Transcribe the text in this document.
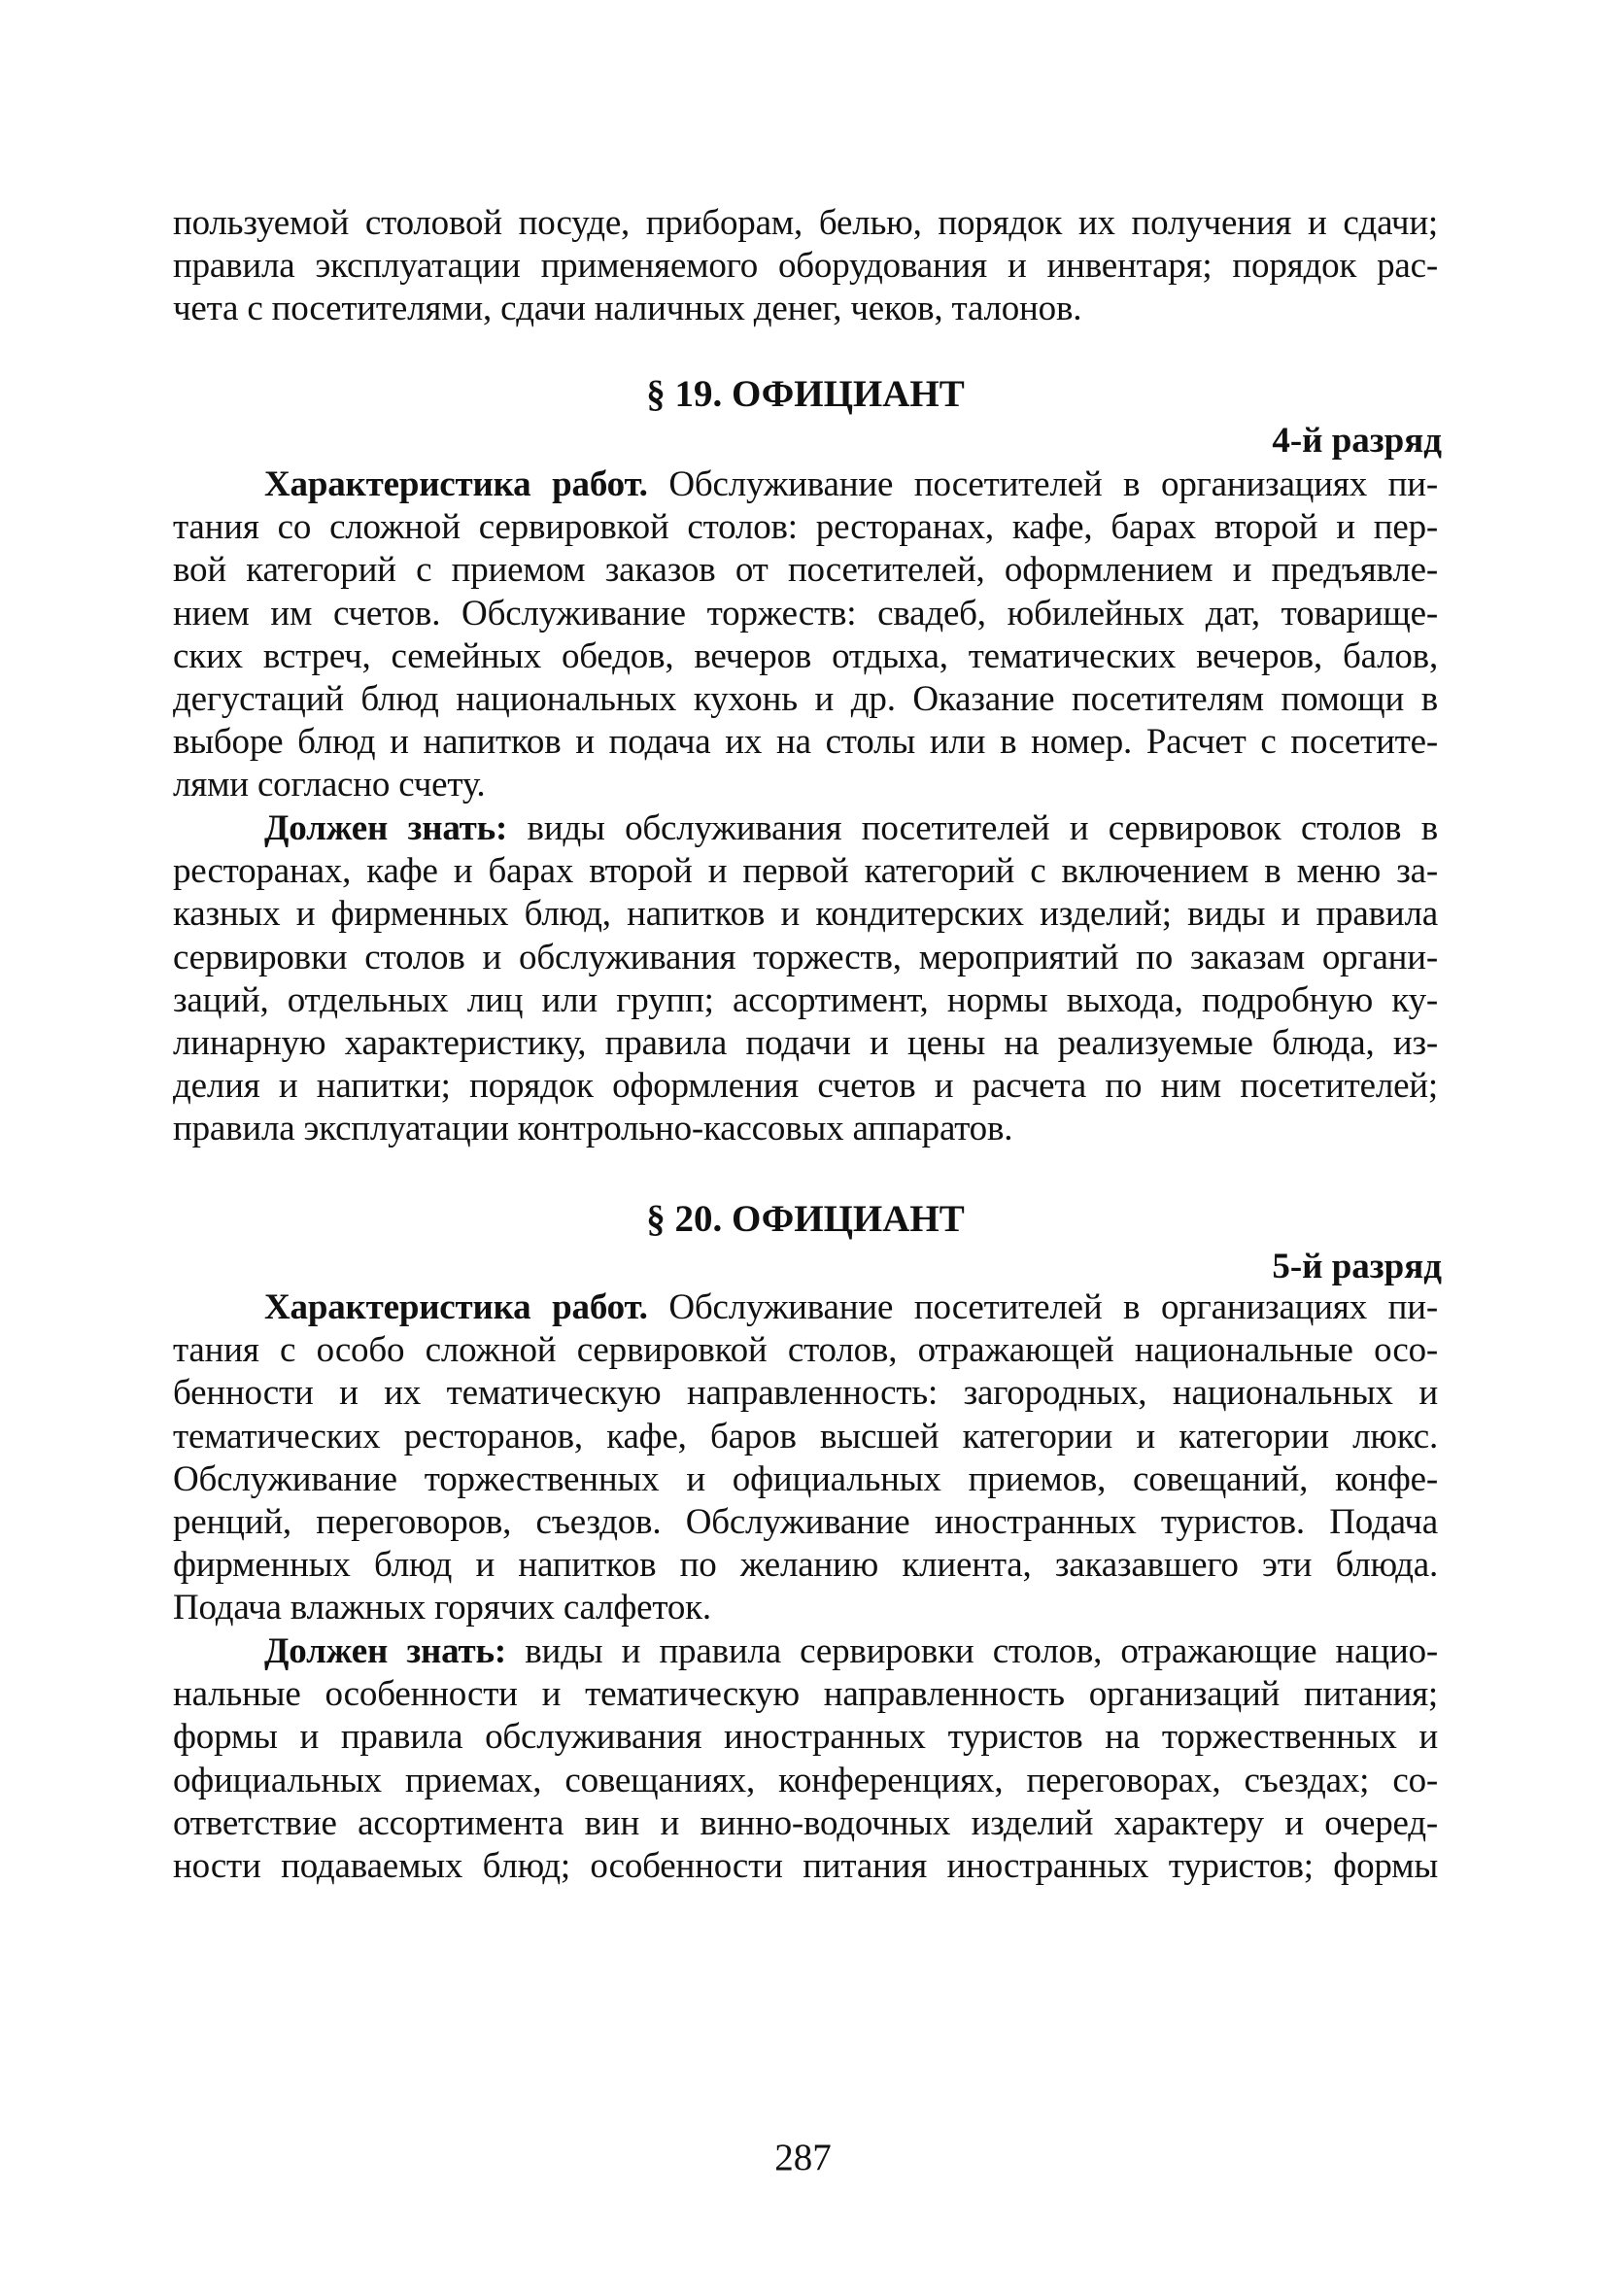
пользуемой столовой посуде, приборам, белью, порядок их получения и сдачи;
правила эксплуатации применяемого оборудования и инвентаря; порядок рас-
чета с посетителями, сдачи наличных денег, чеков, талонов.
§ 19. ОФИЦИАНТ
4-й разряд
Характеристика работ. Обслуживание посетителей в организациях пи-
тания со сложной сервировкой столов: ресторанах, кафе, барах второй и пер-
вой категорий с приемом заказов от посетителей, оформлением и предъявле-
нием им счетов. Обслуживание торжеств: свадеб, юбилейных дат, товарище-
ских встреч, семейных обедов, вечеров отдыха, тематических вечеров, балов,
дегустаций блюд национальных кухонь и др. Оказание посетителям помощи в
выборе блюд и напитков и подача их на столы или в номер. Расчет с посетите-
лями согласно счету.
Должен знать: виды обслуживания посетителей и сервировок столов в
ресторанах, кафе и барах второй и первой категорий с включением в меню за-
казных и фирменных блюд, напитков и кондитерских изделий; виды и правила
сервировки столов и обслуживания торжеств, мероприятий по заказам органи-
заций, отдельных лиц или групп; ассортимент, нормы выхода, подробную ку-
линарную характеристику, правила подачи и цены на реализуемые блюда, из-
делия и напитки; порядок оформления счетов и расчета по ним посетителей;
правила эксплуатации контрольно-кассовых аппаратов.
§ 20. ОФИЦИАНТ
5-й разряд
Характеристика работ. Обслуживание посетителей в организациях пи-
тания с особо сложной сервировкой столов, отражающей национальные осо-
бенности и их тематическую направленность: загородных, национальных и
тематических ресторанов, кафе, баров высшей категории и категории люкс.
Обслуживание торжественных и официальных приемов, совещаний, конфе-
ренций, переговоров, съездов. Обслуживание иностранных туристов. Подача
фирменных блюд и напитков по желанию клиента, заказавшего эти блюда.
Подача влажных горячих салфеток.
Должен знать: виды и правила сервировки столов, отражающие нацио-
нальные особенности и тематическую направленность организаций питания;
формы и правила обслуживания иностранных туристов на торжественных и
официальных приемах, совещаниях, конференциях, переговорах, съездах; со-
ответствие ассортимента вин и винно-водочных изделий характеру и очеред-
ности подаваемых блюд; особенности питания иностранных туристов; формы
287
